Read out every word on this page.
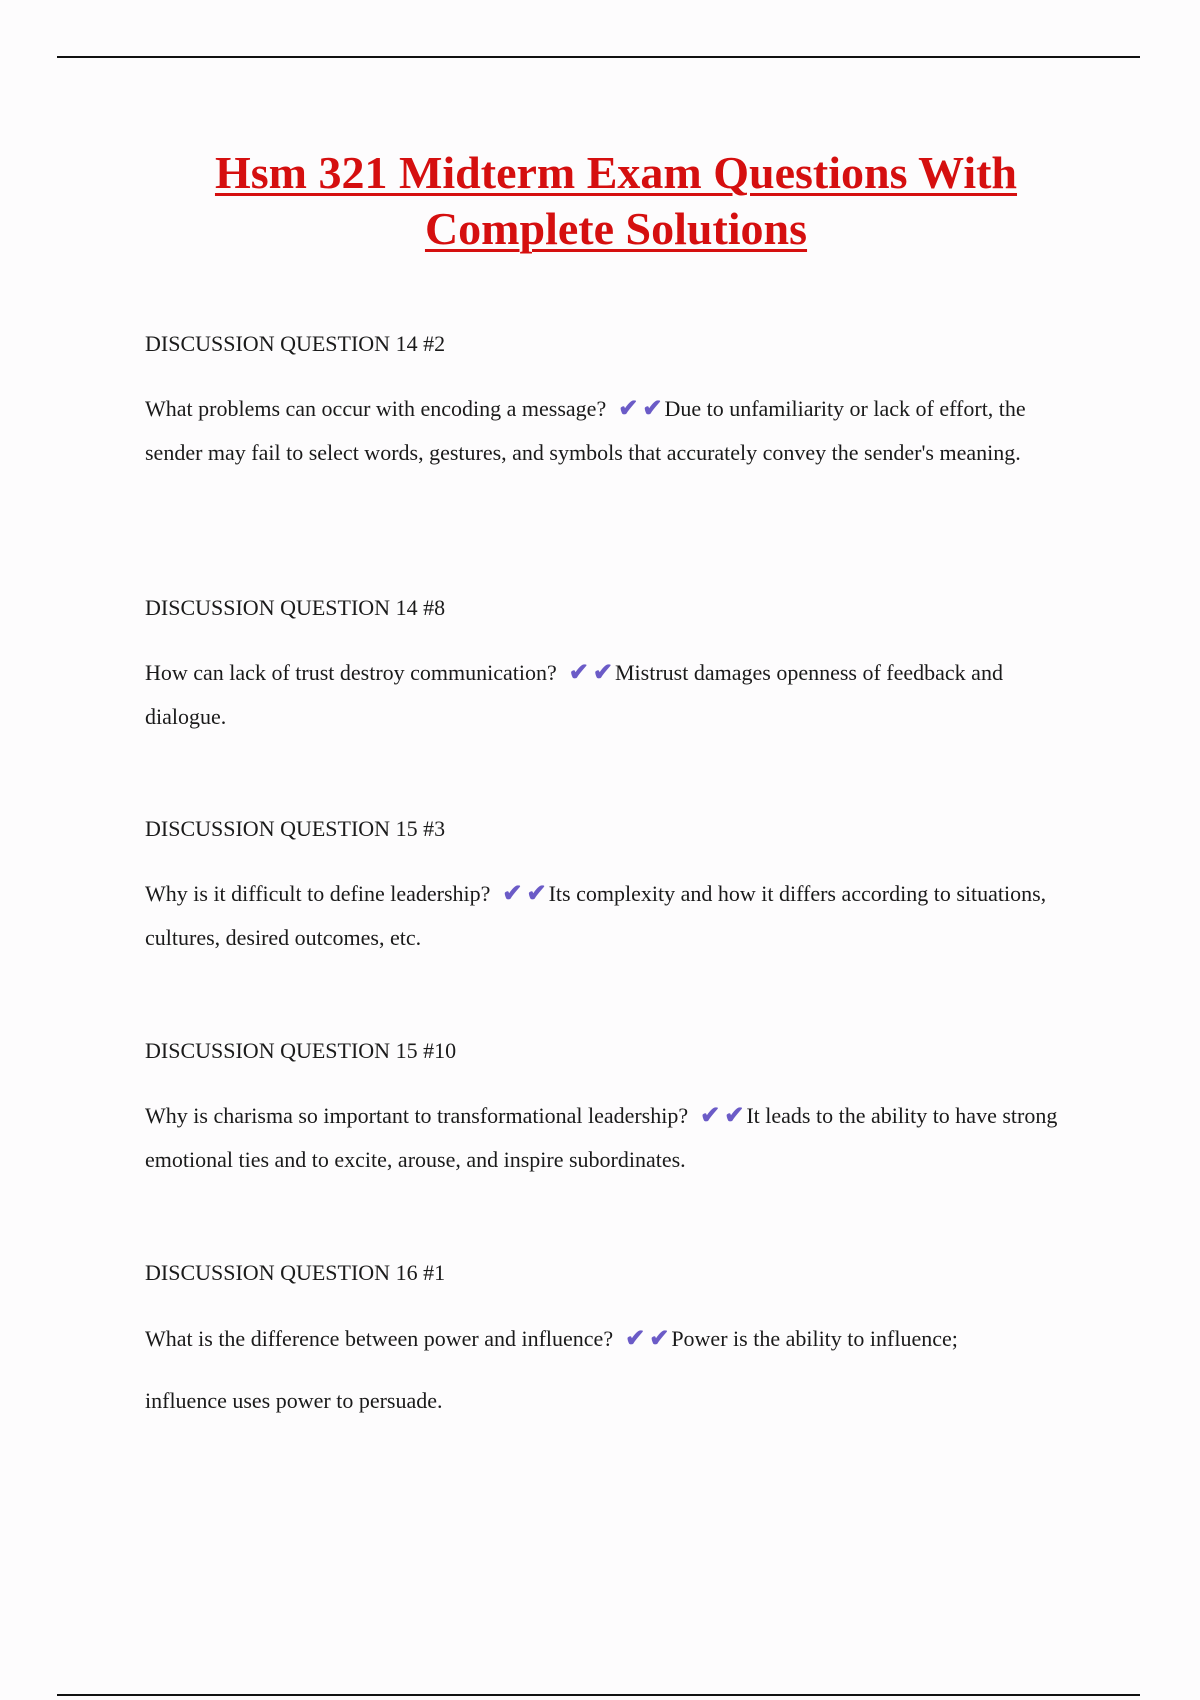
Hsm 321 Midterm Exam Questions With
Complete Solutions
DISCUSSION QUESTION 14 #2
What problems can occur with encoding a message? ✔ ✔Due to unfamiliarity or lack of effort, the sender may fail to select words, gestures, and symbols that accurately convey the sender's meaning.
DISCUSSION QUESTION 14 #8
How can lack of trust destroy communication? ✔ ✔Mistrust damages openness of feedback and dialogue.
DISCUSSION QUESTION 15 #3
Why is it difficult to define leadership? ✔ ✔Its complexity and how it differs according to situations, cultures, desired outcomes, etc.
DISCUSSION QUESTION 15 #10
Why is charisma so important to transformational leadership? ✔ ✔It leads to the ability to have strong emotional ties and to excite, arouse, and inspire subordinates.
DISCUSSION QUESTION 16 #1
What is the difference between power and influence? ✔ ✔Power is the ability to influence; influence uses power to persuade.
